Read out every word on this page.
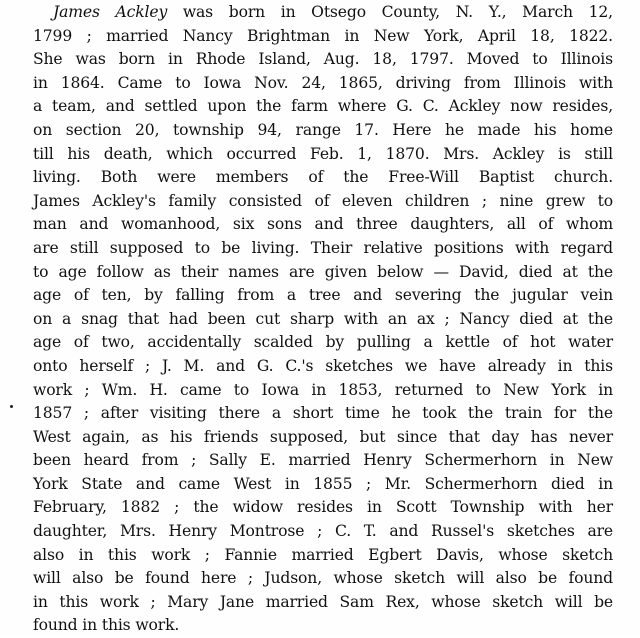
James Ackley was born in Otsego County, N. Y., March 12,
1799 ; married Nancy Brightman in New York, April 18, 1822.
She was born in Rhode Island, Aug. 18, 1797. Moved to Illinois
in 1864. Came to Iowa Nov. 24, 1865, driving from Illinois with
a team, and settled upon the farm where G. C. Ackley now resides,
on section 20, township 94, range 17. Here he made his home
till his death, which occurred Feb. 1, 1870. Mrs. Ackley is still
living. Both were members of the Free-Will Baptist church.
James Ackley's family consisted of eleven children ; nine grew to
man and womanhood, six sons and three daughters, all of whom
are still supposed to be living. Their relative positions with regard
to age follow as their names are given below — David, died at the
age of ten, by falling from a tree and severing the jugular vein
on a snag that had been cut sharp with an ax ; Nancy died at the
age of two, accidentally scalded by pulling a kettle of hot water
onto herself ; J. M. and G. C.'s sketches we have already in this
work ; Wm. H. came to Iowa in 1853, returned to New York in
1857 ; after visiting there a short time he took the train for the
West again, as his friends supposed, but since that day has never
been heard from ; Sally E. married Henry Schermerhorn in New
York State and came West in 1855 ; Mr. Schermerhorn died in
February, 1882 ; the widow resides in Scott Township with her
daughter, Mrs. Henry Montrose ; C. T. and Russel's sketches are
also in this work ; Fannie married Egbert Davis, whose sketch
will also be found here ; Judson, whose sketch will also be found
in this work ; Mary Jane married Sam Rex, whose sketch will be
found in this work.
